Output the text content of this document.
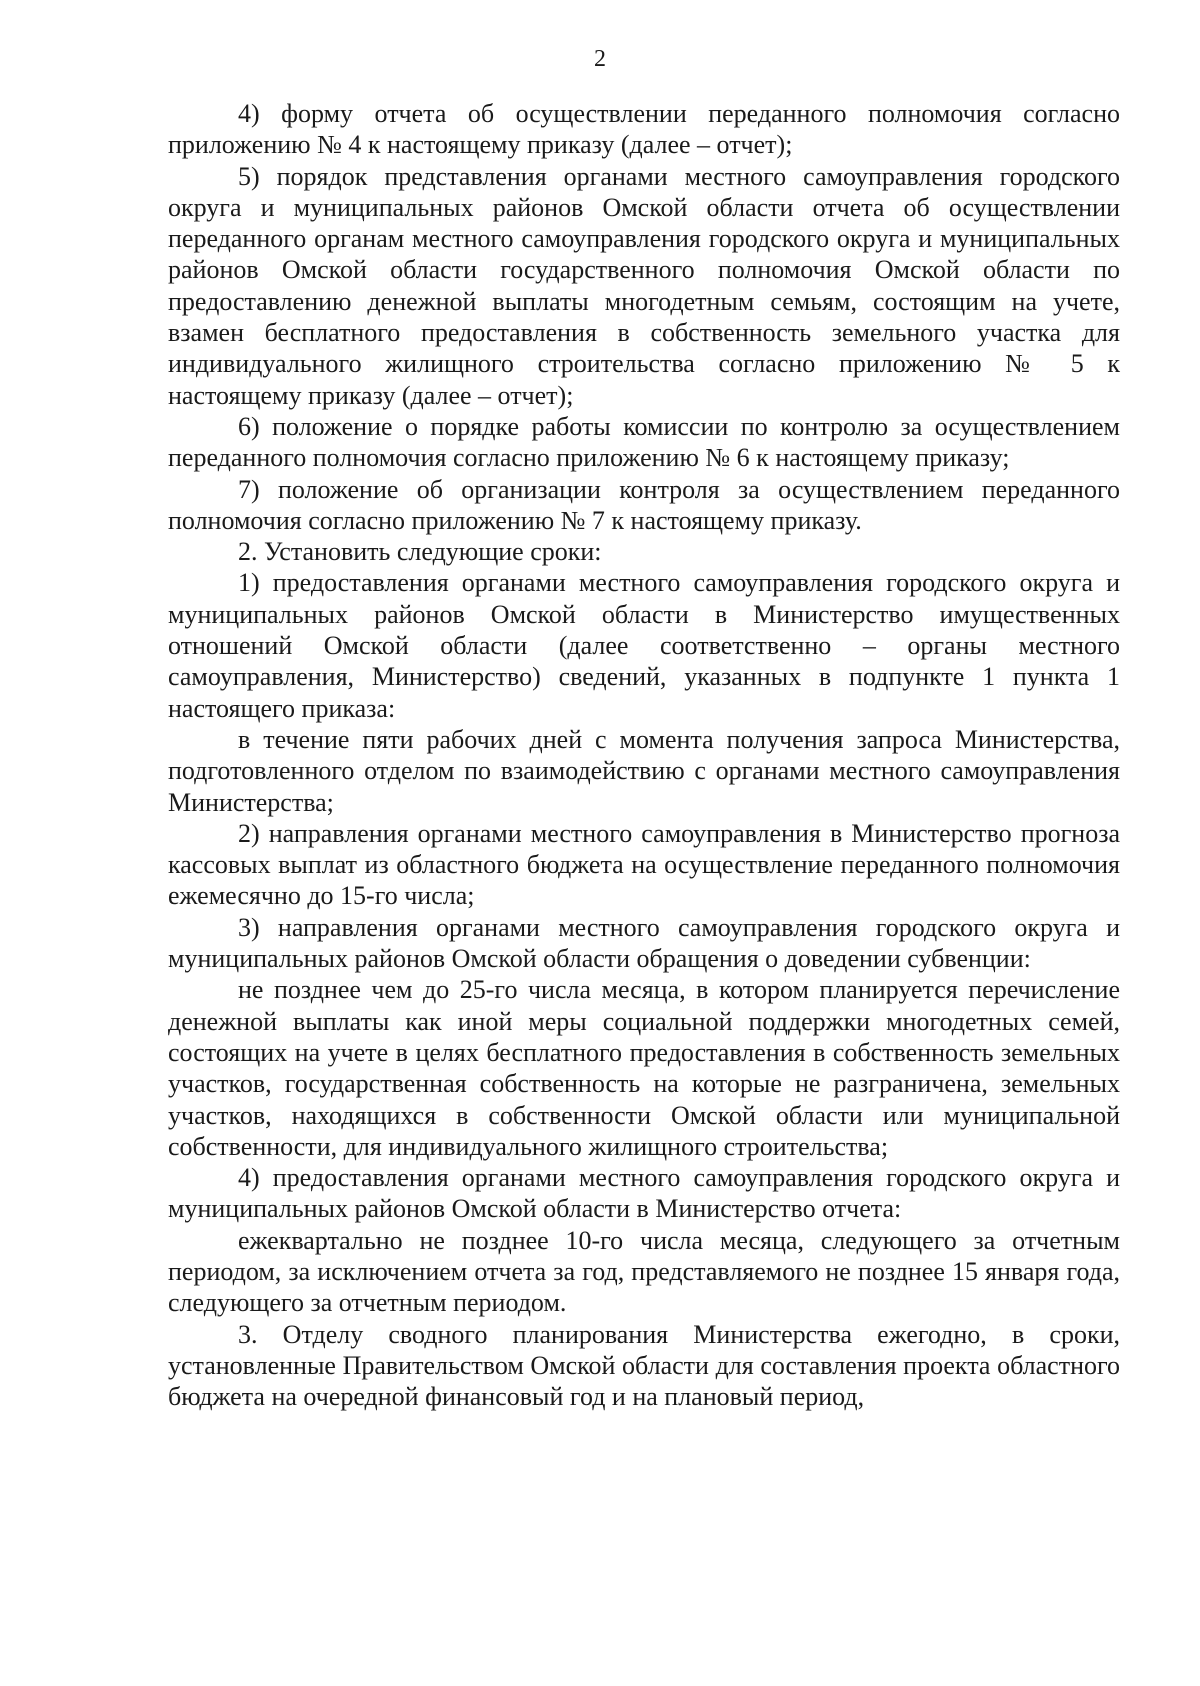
2

4) форму отчета об осуществлении переданного полномочия согласно приложению № 4 к настоящему приказу (далее – отчет);

5) порядок представления органами местного самоуправления городского округа и муниципальных районов Омской области отчета об осуществлении переданного органам местного самоуправления городского округа и муниципальных районов Омской области государственного полномочия Омской области по предоставлению денежной выплаты многодетным семьям, состоящим на учете, взамен бесплатного предоставления в собственность земельного участка для индивидуального жилищного строительства согласно приложению № 5 к настоящему приказу (далее – отчет);

6) положение о порядке работы комиссии по контролю за осуществлением переданного полномочия согласно приложению № 6 к настоящему приказу;

7) положение об организации контроля за осуществлением переданного полномочия согласно приложению № 7 к настоящему приказу.

2. Установить следующие сроки:

1) предоставления органами местного самоуправления городского округа и муниципальных районов Омской области в Министерство имущественных отношений Омской области (далее соответственно – органы местного самоуправления, Министерство) сведений, указанных в подпункте 1 пункта 1 настоящего приказа:

в течение пяти рабочих дней с момента получения запроса Министерства, подготовленного отделом по взаимодействию с органами местного самоуправления Министерства;

2) направления органами местного самоуправления в Министерство прогноза кассовых выплат из областного бюджета на осуществление переданного полномочия ежемесячно до 15-го числа;

3) направления органами местного самоуправления городского округа и муниципальных районов Омской области обращения о доведении субвенции:

не позднее чем до 25-го числа месяца, в котором планируется перечисление денежной выплаты как иной меры социальной поддержки многодетных семей, состоящих на учете в целях бесплатного предоставления в собственность земельных участков, государственная собственность на которые не разграничена, земельных участков, находящихся в собственности Омской области или муниципальной собственности, для индивидуального жилищного строительства;

4) предоставления органами местного самоуправления городского округа и муниципальных районов Омской области в Министерство отчета:

ежеквартально не позднее 10-го числа месяца, следующего за отчетным периодом, за исключением отчета за год, представляемого не позднее 15 января года, следующего за отчетным периодом.

3. Отделу сводного планирования Министерства ежегодно, в сроки, установленные Правительством Омской области для составления проекта областного бюджета на очередной финансовый год и на плановый период,
